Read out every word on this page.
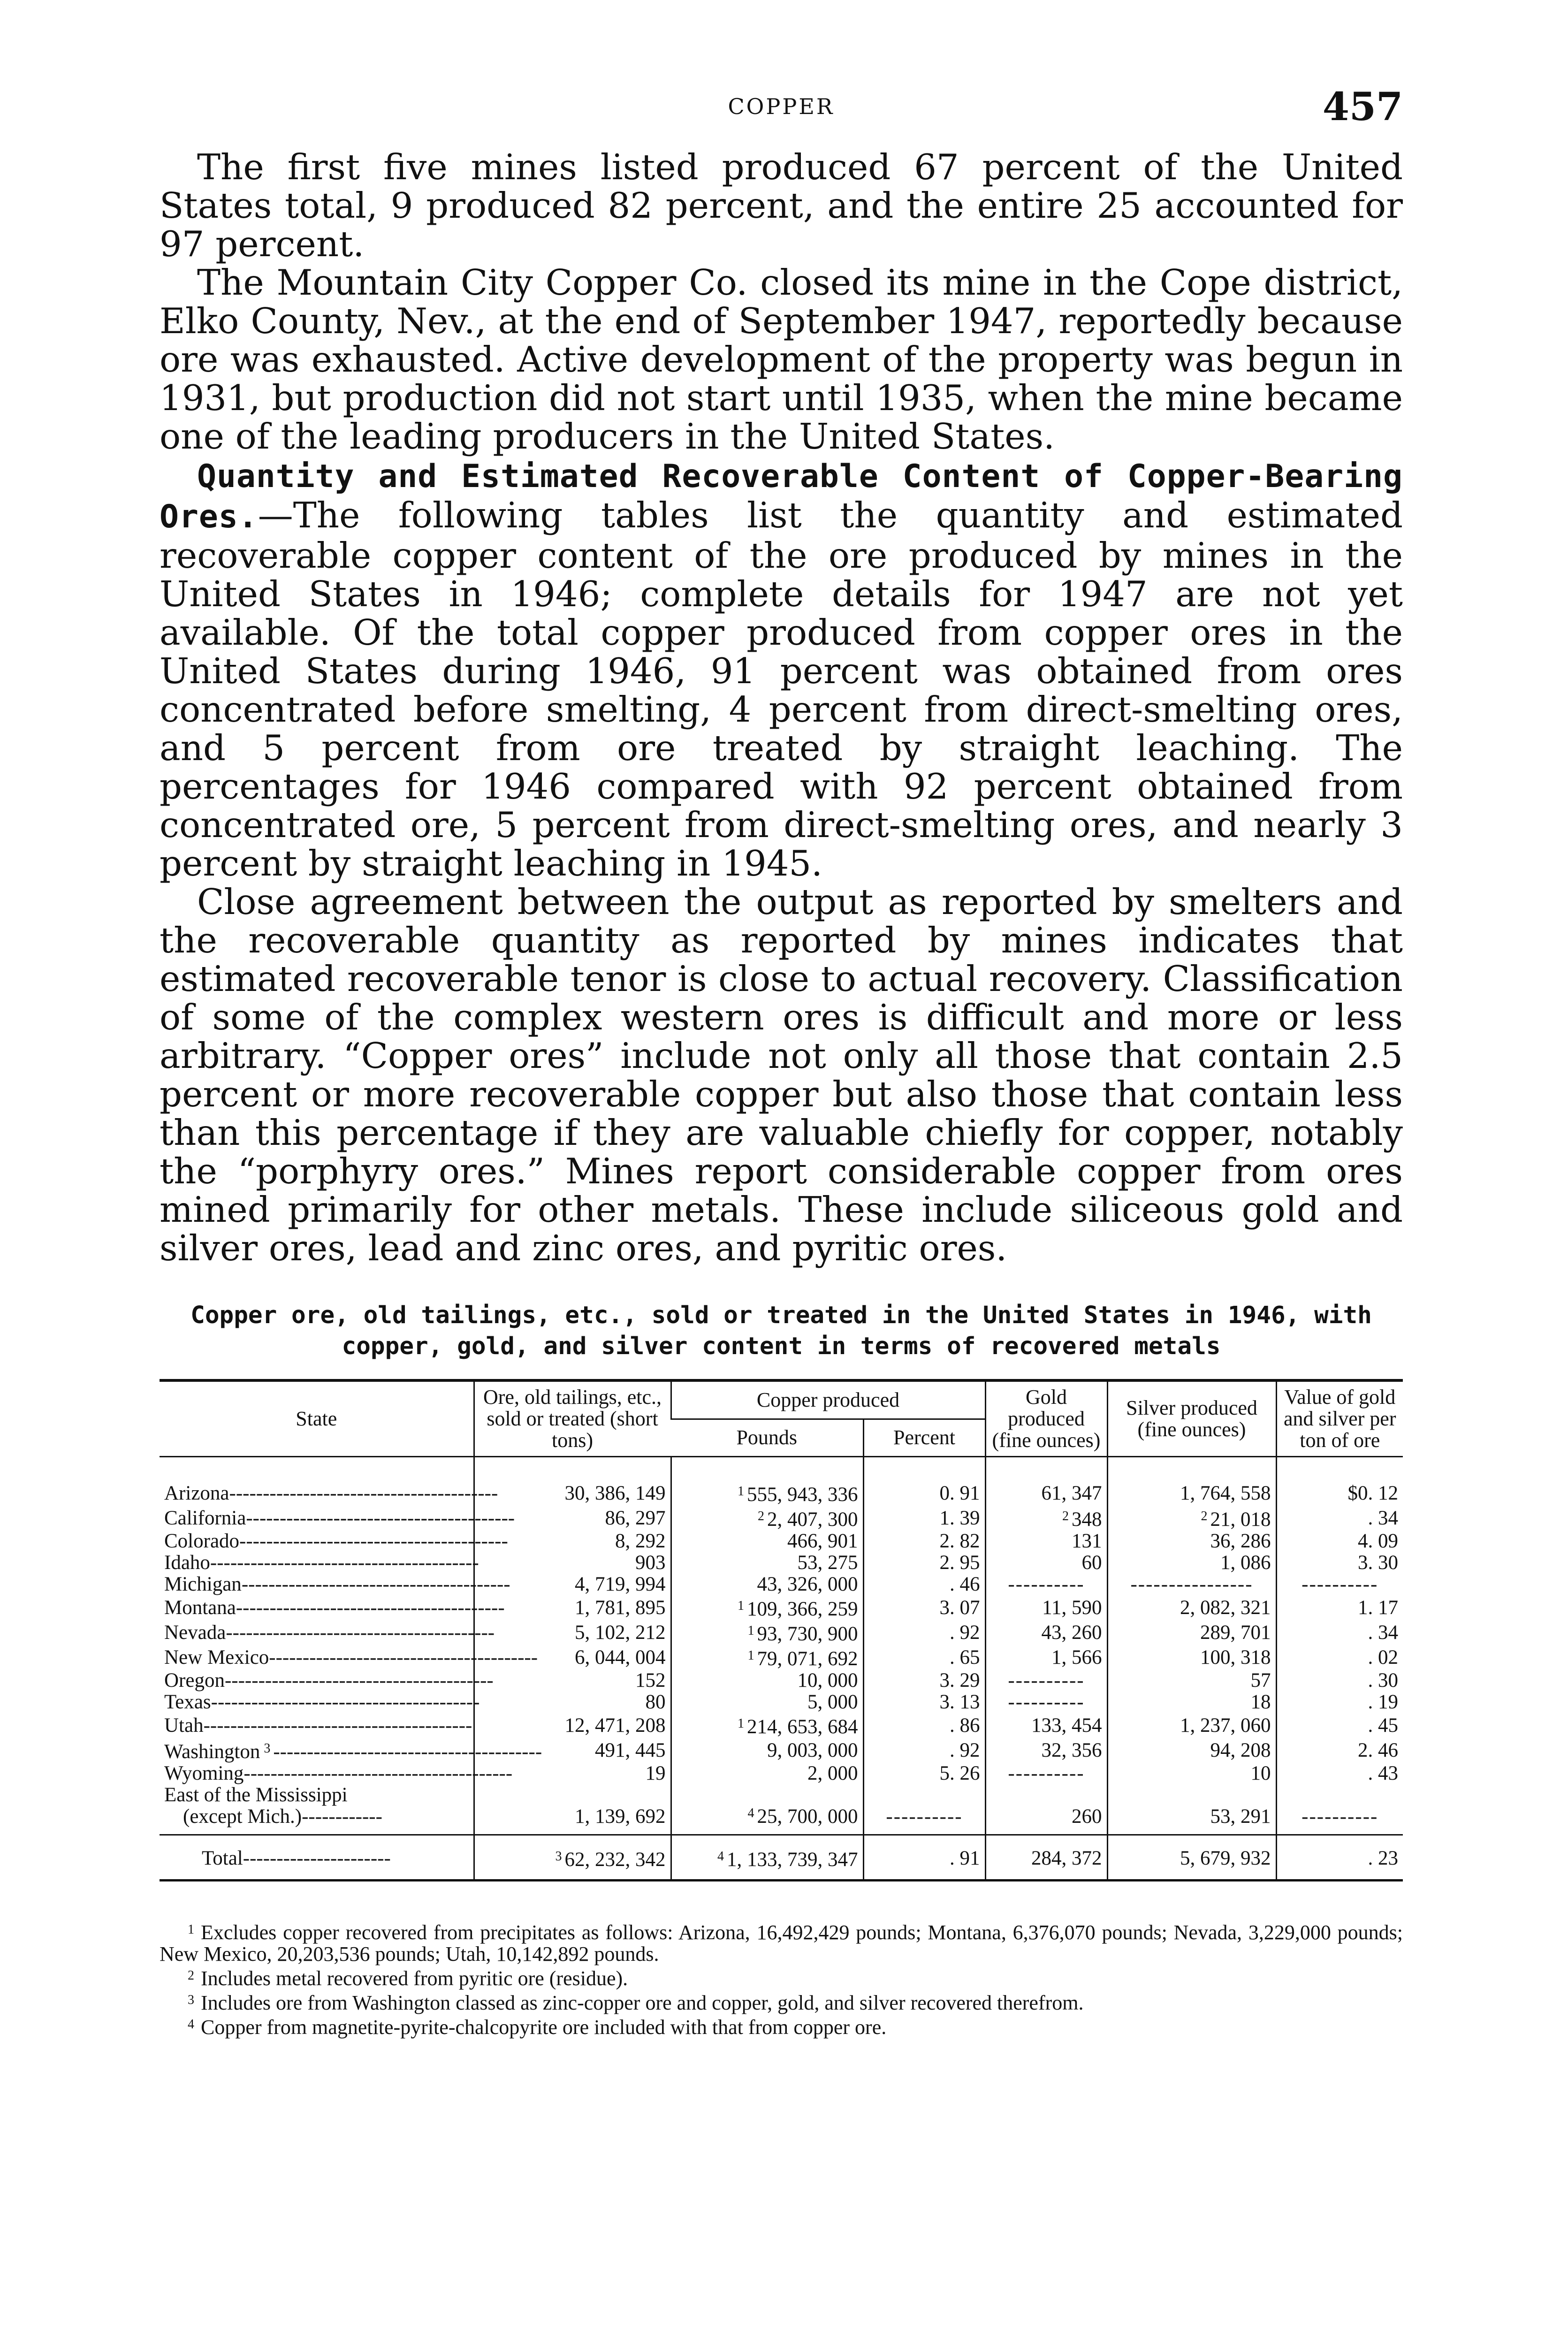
COPPER	457

The first five mines listed produced 67 percent of the United States total, 9 produced 82 percent, and the entire 25 accounted for 97 percent.

The Mountain City Copper Co. closed its mine in the Cope district, Elko County, Nev., at the end of September 1947, reportedly because ore was exhausted. Active development of the property was begun in 1931, but production did not start until 1935, when the mine became one of the leading producers in the United States.

Quantity and Estimated Recoverable Content of Copper-Bearing Ores.—The following tables list the quantity and estimated recoverable copper content of the ore produced by mines in the United States in 1946; complete details for 1947 are not yet available. Of the total copper produced from copper ores in the United States during 1946, 91 percent was obtained from ores concentrated before smelting, 4 percent from direct-smelting ores, and 5 percent from ore treated by straight leaching. The percentages for 1946 compared with 92 percent obtained from concentrated ore, 5 percent from direct-smelting ores, and nearly 3 percent by straight leaching in 1945.

Close agreement between the output as reported by smelters and the recoverable quantity as reported by mines indicates that estimated recoverable tenor is close to actual recovery. Classification of some of the complex western ores is difficult and more or less arbitrary. “Copper ores” include not only all those that contain 2.5 percent or more recoverable copper but also those that contain less than this percentage if they are valuable chiefly for copper, notably the “porphyry ores.” Mines report considerable copper from ores mined primarily for other metals. These include siliceous gold and silver ores, lead and zinc ores, and pyritic ores.

Copper ore, old tailings, etc., sold or treated in the United States in 1946, with copper, gold, and silver content in terms of recovered metals
State	Ore, old tailings, etc., sold or treated (short tons)	Copper produced		Gold produced (fine ounces)	Silver produced (fine ounces)	Value of gold and silver per ton of ore
		Pounds	Percent			

Arizona----------------------------------------	30, 386, 149	$^1$ 555, 943, 336	0. 91	61, 347	1, 764, 558	$0. 12
California----------------------------------------	86, 297	$^2$ 2, 407, 300	1. 39	$^2$ 348	$^2$ 21, 018	. 34
Colorado----------------------------------------	8, 292	466, 901	2. 82	131	36, 286	4. 09
Idaho----------------------------------------	903	53, 275	2. 95	60	1, 086	3. 30
Michigan----------------------------------------	4, 719, 994	43, 326, 000	. 46	----------	----------------	----------
Montana----------------------------------------	1, 781, 895	$^1$ 109, 366, 259	3. 07	11, 590	2, 082, 321	1. 17
Nevada----------------------------------------	5, 102, 212	$^1$ 93, 730, 900	. 92	43, 260	289, 701	. 34
New Mexico----------------------------------------	6, 044, 004	$^1$ 79, 071, 692	. 65	1, 566	100, 318	. 02
Oregon----------------------------------------	152	10, 000	3. 29	----------	57	. 30
Texas----------------------------------------	80	5, 000	3. 13	----------	18	. 19
Utah----------------------------------------	12, 471, 208	$^1$ 214, 653, 684	. 86	133, 454	1, 237, 060	. 45
Washington $^3$ ----------------------------------------	491, 445	9, 003, 000	. 92	32, 356	94, 208	2. 46
Wyoming----------------------------------------	19	2, 000	5. 26	----------	10	. 43

East of the Mississippi
(except Mich.)------------	1, 139, 692	$^4$ 25, 700, 000	----------	260	53, 291	----------

Total----------------------	$^3$ 62, 232, 342	$^4$ 1, 133, 739, 347	. 91	284, 372	5, 679, 932	. 23

$^1$ Excludes copper recovered from precipitates as follows: Arizona, 16,492,429 pounds; Montana, 6,376,070 pounds; Nevada, 3,229,000 pounds; New Mexico, 20,203,536 pounds; Utah, 10,142,892 pounds.

$^2$ Includes metal recovered from pyritic ore (residue).

$^3$ Includes ore from Washington classed as zinc-copper ore and copper, gold, and silver recovered therefrom.

$^4$ Copper from magnetite-pyrite-chalcopyrite ore included with that from copper ore.
